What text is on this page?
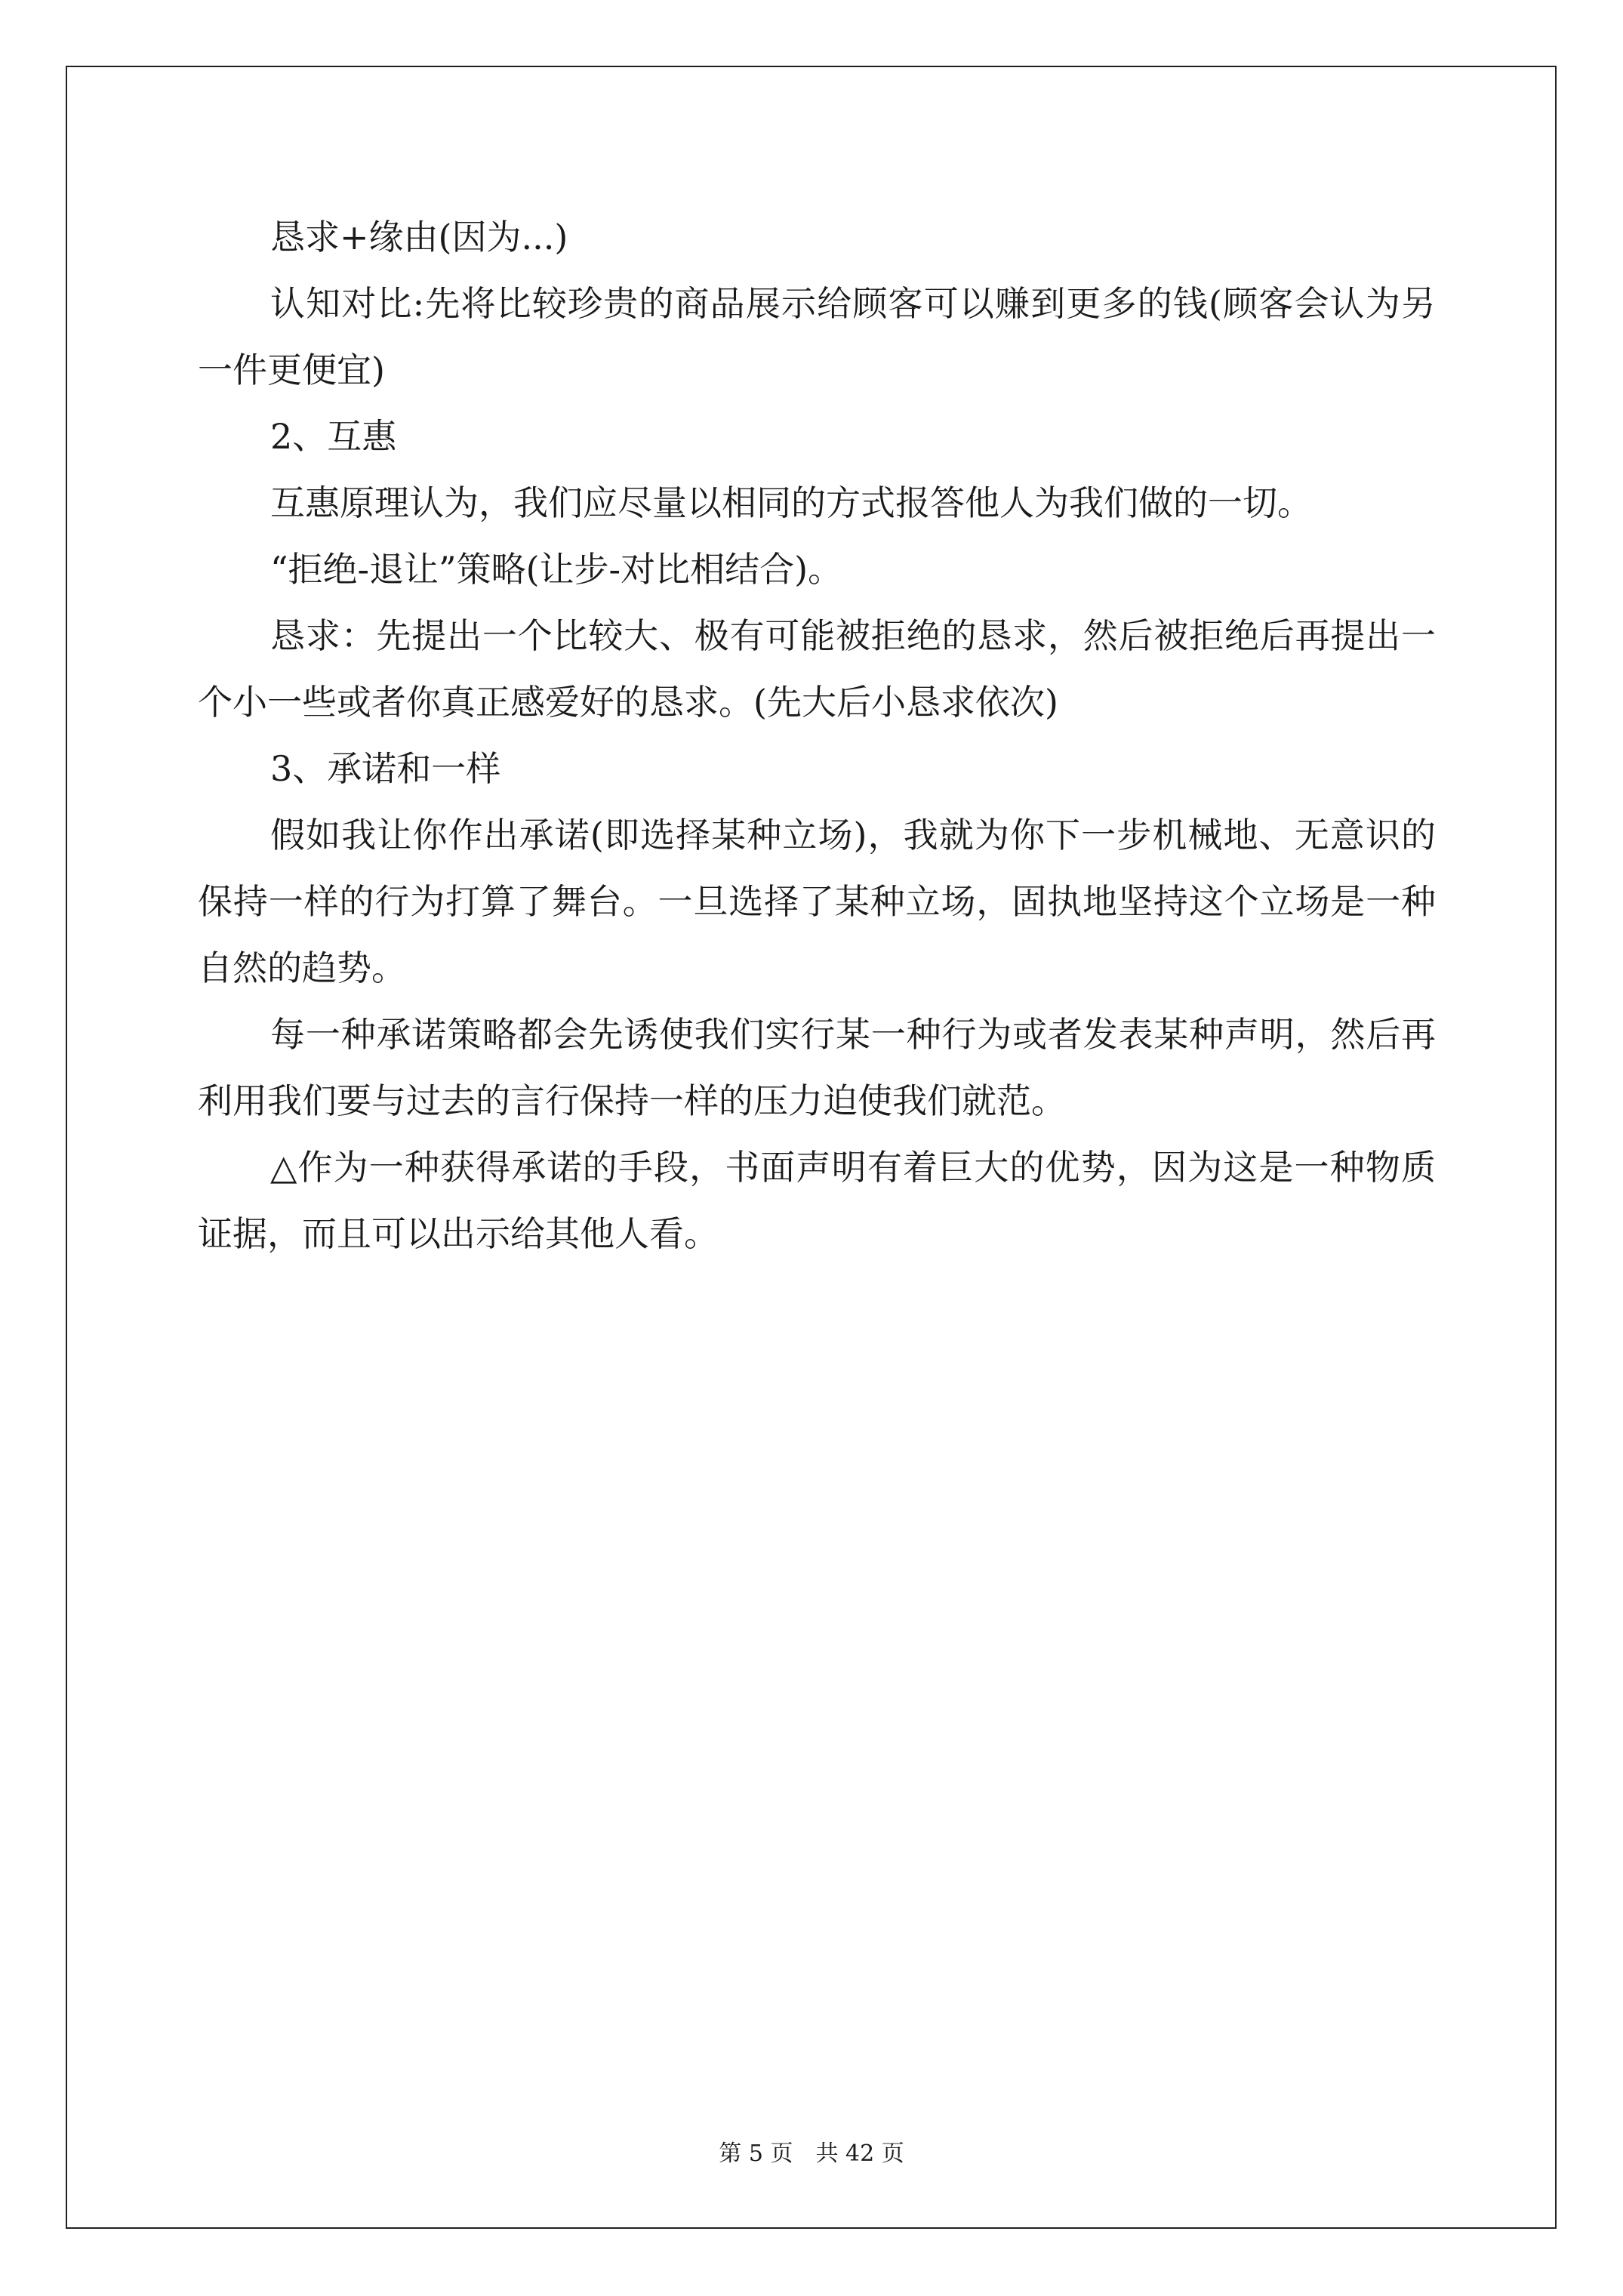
恳求+缘由(因为...)

认知对比:先将比较珍贵的商品展示给顾客可以赚到更多的钱(顾客会认为另一件更便宜)

2、互惠

互惠原理认为，我们应尽量以相同的方式报答他人为我们做的一切。

“拒绝-退让”策略(让步-对比相结合)。

恳求：先提出一个比较大、极有可能被拒绝的恳求，然后被拒绝后再提出一个小一些或者你真正感爱好的恳求。(先大后小恳求依次)

3、承诺和一样

假如我让你作出承诺(即选择某种立场)，我就为你下一步机械地、无意识的保持一样的行为打算了舞台。一旦选择了某种立场，固执地坚持这个立场是一种自然的趋势。

每一种承诺策略都会先诱使我们实行某一种行为或者发表某种声明，然后再利用我们要与过去的言行保持一样的压力迫使我们就范。

△作为一种获得承诺的手段，书面声明有着巨大的优势，因为这是一种物质证据，而且可以出示给其他人看。

第 5 页　共 42 页
